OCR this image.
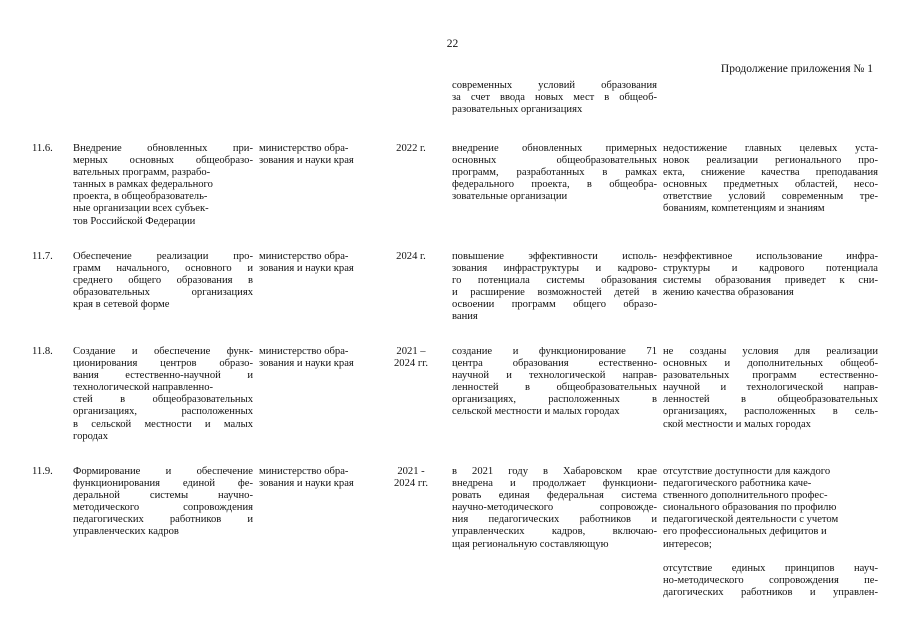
22
Продолжение приложения № 1
современных условий образования
за счет ввода новых мест в общеоб-
разовательных организациях
11.6. Внедрение обновленных при-
мерных основных общеобразо-
вательных программ, разрабо-
танных в рамках федерального
проекта, в общеобразователь-
ные организации всех субъек-
тов Российской Федерации
министерство обра-
зования и науки края
2022 г.	внедрение обновленных примерных
основных общеобразовательных
программ, разработанных в рамках
федерального проекта, в общеобра-
зовательные организации
недостижение главных целевых уста-
новок реализации регионального про-
екта, снижение качества преподавания
основных предметных областей, несо-
ответствие условий современным тре-
бованиям, компетенциям и знаниям
11.7. Обеспечение реализации про-
грамм начального, основного и
среднего общего образования в
образовательных организациях
края в сетевой форме
министерство обра-
зования и науки края
2024 г.	повышение эффективности исполь-
зования инфраструктуры и кадрово-
го потенциала системы образования
и расширение возможностей детей в
освоении программ общего образо-
вания
неэффективное использование инфра-
структуры и кадрового потенциала
системы образования приведет к сни-
жению качества образования
11.8. Создание и обеспечение функ-
ционирования центров образо-
вания естественно-научной и
технологической направленно-
стей в общеобразовательных
организациях, расположенных
в сельской местности и малых
городах
министерство обра-
зования и науки края
2021 –
2024 гг.
создание и функционирование 71
центра образования естественно-
научной и технологической направ-
ленностей в общеобразовательных
организациях, расположенных в
сельской местности и малых городах
не созданы условия для реализации
основных и дополнительных общеоб-
разовательных программ естественно-
научной и технологической направ-
ленностей в общеобразовательных
организациях, расположенных в сель-
ской местности и малых городах
11.9. Формирование и обеспечение
функционирования единой фе-
деральной системы научно-
методического сопровождения
педагогических работников и
управленческих кадров
министерство обра-
зования и науки края
2021 -
2024 гг.
в 2021 году в Хабаровском крае
внедрена и продолжает функциони-
ровать единая федеральная система
научно-методического сопровожде-
ния педагогических работников и
управленческих кадров, включаю-
щая региональную составляющую
отсутствие доступности для каждого
педагогического работника каче-
ственного дополнительного профес-
сионального образования по профилю
педагогической деятельности с учетом
его профессиональных дефицитов и
интересов;
отсутствие единых принципов науч-
но-методического сопровождения пе-
дагогических работников и управлен-
